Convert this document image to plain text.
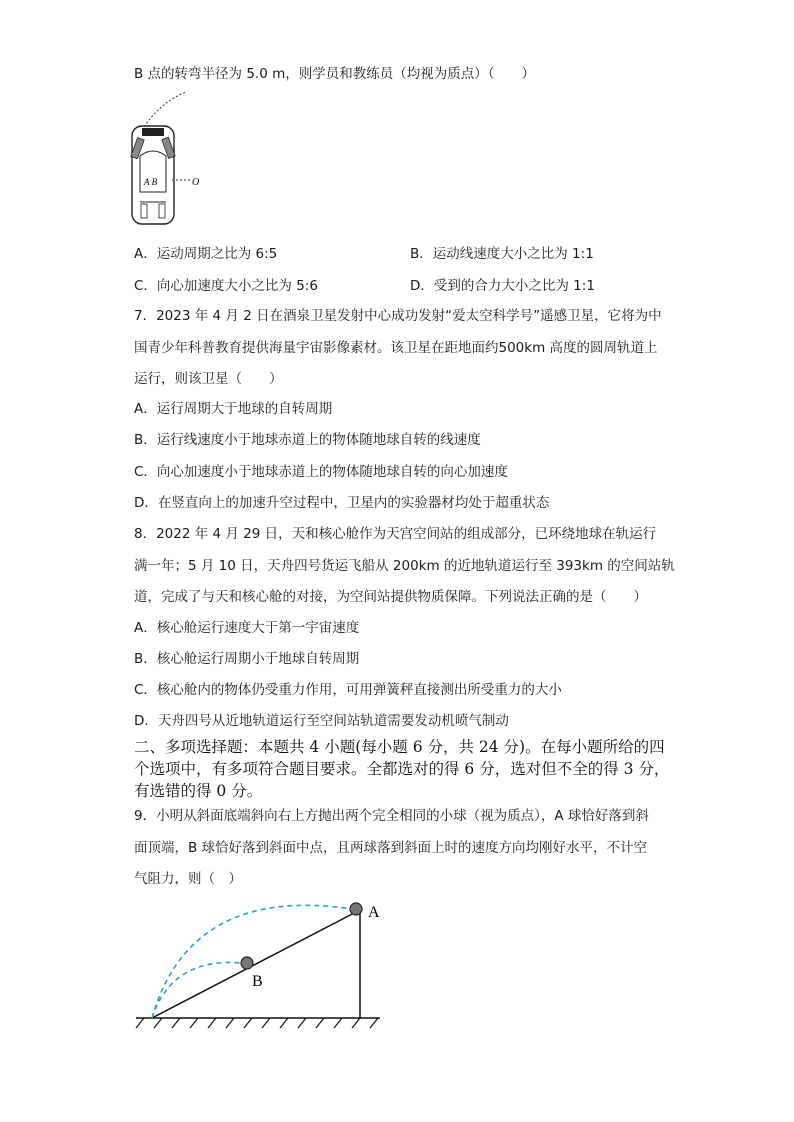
B 点的转弯半径为 5.0 m，则学员和教练员（均视为质点）（　　）
A B	O
A．运动周期之比为 6:5	B．运动线速度大小之比为 1:1
C．向心加速度大小之比为 5:6	D．受到的合力大小之比为 1:1
7．2023 年 4 月 2 日在酒泉卫星发射中心成功发射“爱太空科学号”遥感卫星，它将为中
国青少年科普教育提供海量宇宙影像素材。该卫星在距地面约500km 高度的圆周轨道上
运行，则该卫星（　　）
A．运行周期大于地球的自转周期
B．运行线速度小于地球赤道上的物体随地球自转的线速度
C．向心加速度小于地球赤道上的物体随地球自转的向心加速度
D．在竖直向上的加速升空过程中，卫星内的实验器材均处于超重状态
8．2022 年 4 月 29 日，天和核心舱作为天宫空间站的组成部分，已环绕地球在轨运行
满一年；5 月 10 日，天舟四号货运飞船从 200km 的近地轨道运行至 393km 的空间站轨
道，完成了与天和核心舱的对接，为空间站提供物质保障。下列说法正确的是（　　）
A．核心舱运行速度大于第一宇宙速度
B．核心舱运行周期小于地球自转周期
C．核心舱内的物体仍受重力作用，可用弹簧秤直接测出所受重力的大小
D．天舟四号从近地轨道运行至空间站轨道需要发动机喷气制动
二、多项选择题：本题共 4 小题(每小题 6 分，共 24 分)。在每小题所给的四
个选项中，有多项符合题目要求。全都选对的得 6 分，选对但不全的得 3 分，
有选错的得 0 分。
9．小明从斜面底端斜向右上方抛出两个完全相同的小球（视为质点），A 球恰好落到斜
面顶端，B 球恰好落到斜面中点，且两球落到斜面上时的速度方向均刚好水平，不计空
气阻力，则（　）
A
B
